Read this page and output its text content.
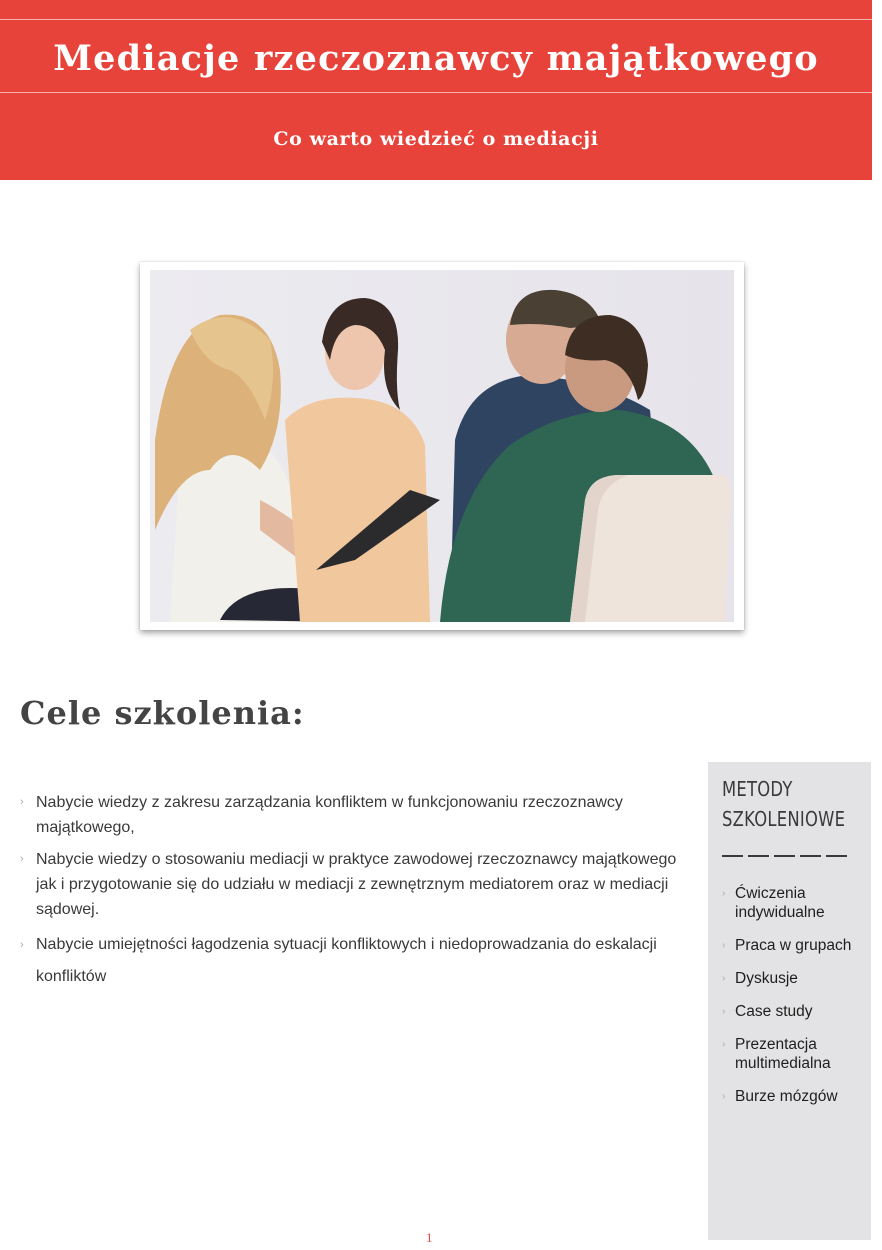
Mediacje rzeczoznawcy majątkowego
Co warto wiedzieć o mediacji
Cele szkolenia:
› Nabycie wiedzy z zakresu zarządzania konfliktem w funkcjonowaniu rzeczoznawcy majątkowego,
› Nabycie wiedzy o stosowaniu mediacji w praktyce zawodowej rzeczoznawcy majątkowego jak i przygotowanie się do udziału w mediacji z zewnętrznym mediatorem oraz w mediacji sądowej.
› Nabycie umiejętności łagodzenia sytuacji konfliktowych i niedoprowadzania do eskalacji konfliktów
METODY
SZKOLENIOWE
› Ćwiczenia indywidualne
› Praca w grupach
› Dyskusje
› Case study
› Prezentacja multimedialna
› Burze mózgów
1
